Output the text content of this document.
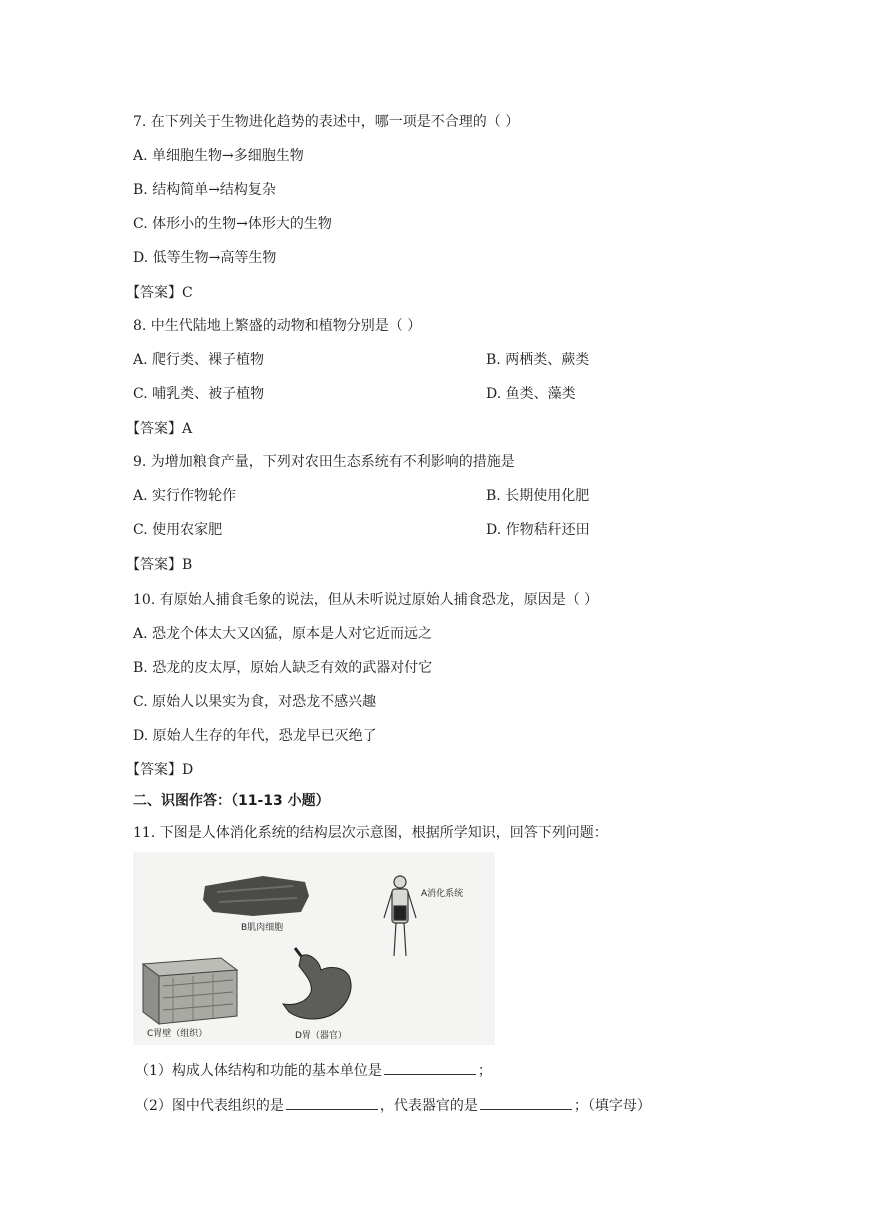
7. 在下列关于生物进化趋势的表述中，哪一项是不合理的（ ）
A. 单细胞生物→多细胞生物
B. 结构简单→结构复杂
C. 体形小的生物→体形大的生物
D. 低等生物→高等生物
【答案】C
8. 中生代陆地上繁盛的动物和植物分别是（ ）
A. 爬行类、裸子植物	B. 两栖类、蕨类
C. 哺乳类、被子植物	D. 鱼类、藻类
【答案】A
9. 为增加粮食产量，下列对农田生态系统有不利影响的措施是
A. 实行作物轮作	B. 长期使用化肥
C. 使用农家肥	D. 作物秸秆还田
【答案】B
10. 有原始人捕食毛象的说法，但从未听说过原始人捕食恐龙，原因是（ ）
A. 恐龙个体太大又凶猛，原本是人对它近而远之
B. 恐龙的皮太厚，原始人缺乏有效的武器对付它
C. 原始人以果实为食，对恐龙不感兴趣
D. 原始人生存的年代，恐龙早已灭绝了
【答案】D
二、识图作答：（11-13 小题）
11. 下图是人体消化系统的结构层次示意图，根据所学知识，回答下列问题：
B肌肉细胞
A消化系统
C胃壁（组织）	D胃（器官）
（1）构成人体结构和功能的基本单位是	；
（2）图中代表组织的是	，代表器官的是	；（填字母）
